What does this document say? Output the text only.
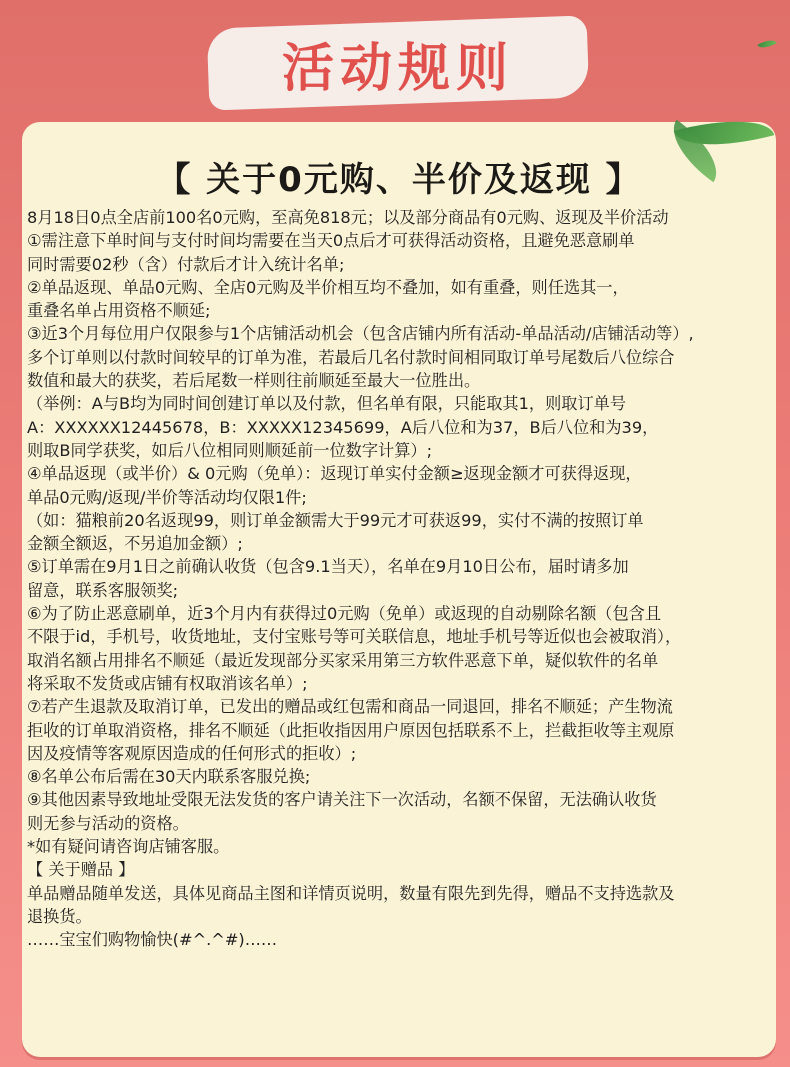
活动规则
【 关于0元购、半价及返现 】
8月18日0点全店前100名0元购，至高免818元；以及部分商品有0元购、返现及半价活动
①需注意下单时间与支付时间均需要在当天0点后才可获得活动资格，且避免恶意刷单
同时需要02秒（含）付款后才计入统计名单;
②单品返现、单品0元购、全店0元购及半价相互均不叠加，如有重叠，则任选其一，
重叠名单占用资格不顺延;
③近3个月每位用户仅限参与1个店铺活动机会（包含店铺内所有活动-单品活动/店铺活动等）,
多个订单则以付款时间较早的订单为准，若最后几名付款时间相同取订单号尾数后八位综合
数值和最大的获奖，若后尾数一样则往前顺延至最大一位胜出。
（举例：A与B均为同时间创建订单以及付款，但名单有限，只能取其1，则取订单号
A：XXXXXX12445678，B：XXXXX12345699，A后八位和为37，B后八位和为39，
则取B同学获奖，如后八位相同则顺延前一位数字计算）;
④单品返现（或半价）& 0元购（免单）：返现订单实付金额≥返现金额才可获得返现，
单品0元购/返现/半价等活动均仅限1件;
（如：猫粮前20名返现99，则订单金额需大于99元才可获返99，实付不满的按照订单
金额全额返，不另追加金额）;
⑤订单需在9月1日之前确认收货（包含9.1当天），名单在9月10日公布，届时请多加
留意，联系客服领奖;
⑥为了防止恶意刷单，近3个月内有获得过0元购（免单）或返现的自动剔除名额（包含且
不限于id，手机号，收货地址，支付宝账号等可关联信息，地址手机号等近似也会被取消），
取消名额占用排名不顺延（最近发现部分买家采用第三方软件恶意下单，疑似软件的名单
将采取不发货或店铺有权取消该名单）;
⑦若产生退款及取消订单，已发出的赠品或红包需和商品一同退回，排名不顺延；产生物流
拒收的订单取消资格，排名不顺延（此拒收指因用户原因包括联系不上，拦截拒收等主观原
因及疫情等客观原因造成的任何形式的拒收）;
⑧名单公布后需在30天内联系客服兑换;
⑨其他因素导致地址受限无法发货的客户请关注下一次活动，名额不保留，无法确认收货
则无参与活动的资格。
*如有疑问请咨询店铺客服。
【 关于赠品 】
单品赠品随单发送，具体见商品主图和详情页说明，数量有限先到先得，赠品不支持选款及
退换货。
……宝宝们购物愉快(#^.^#)……
